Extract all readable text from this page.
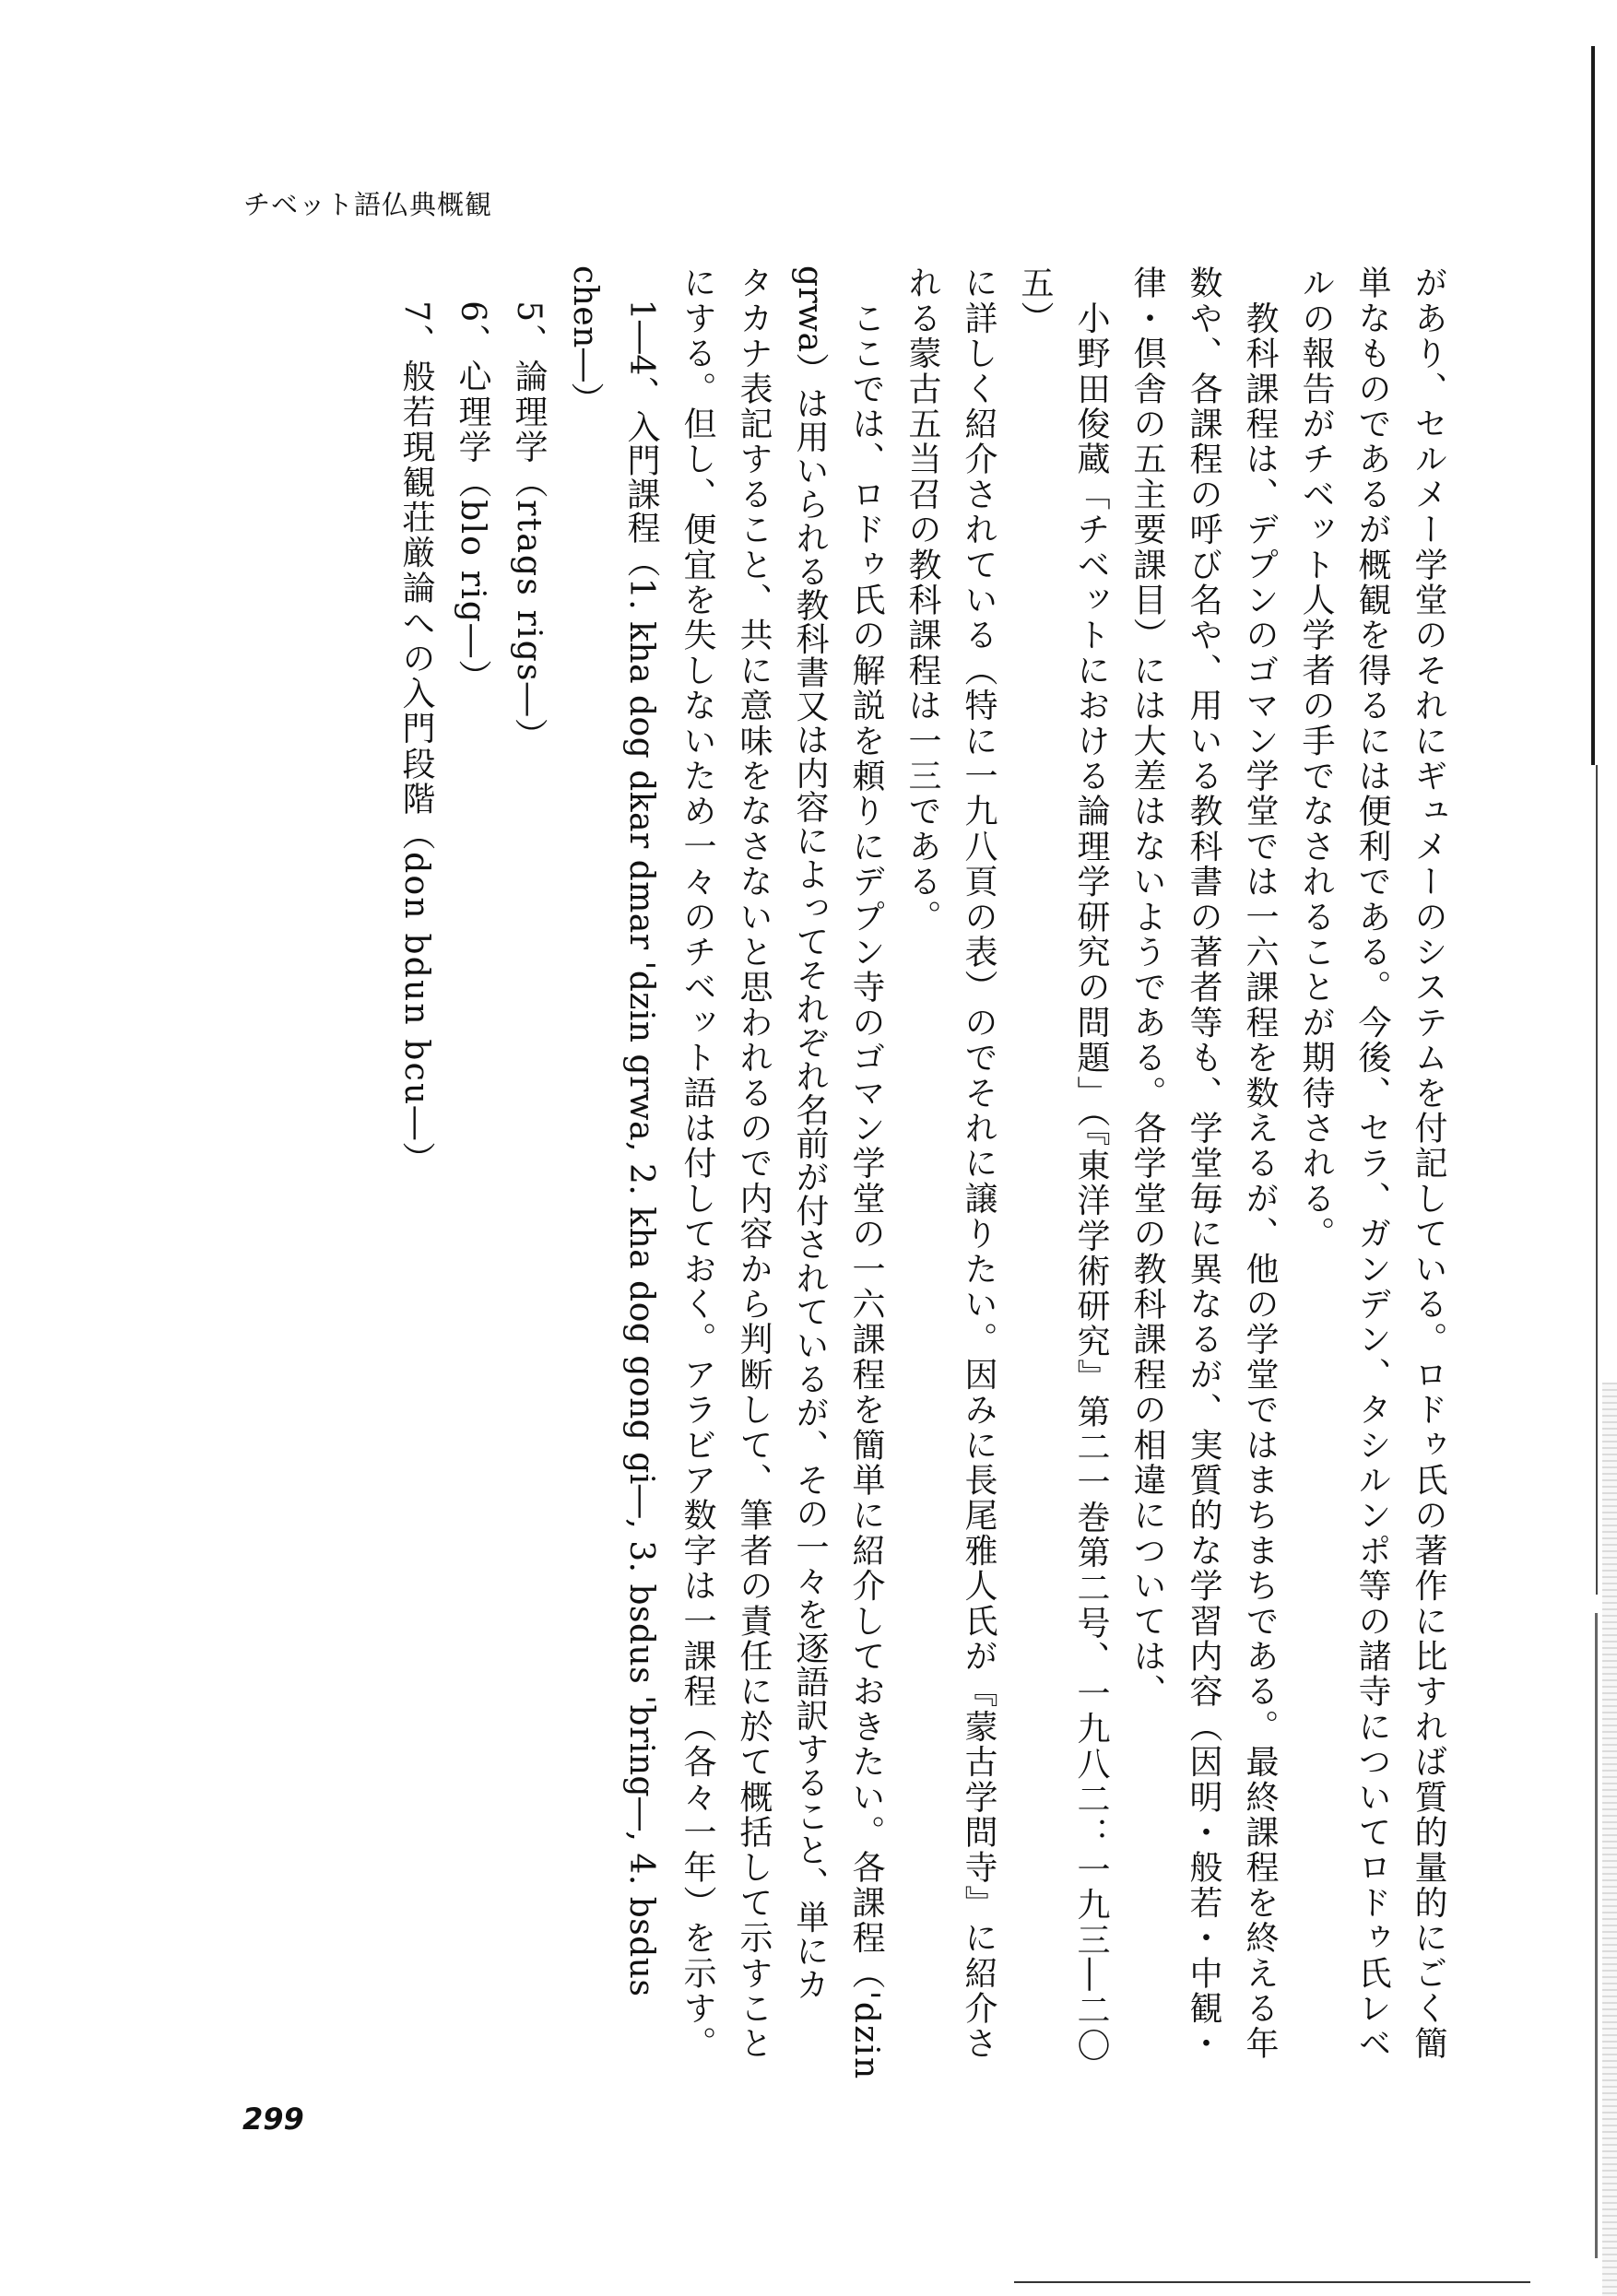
チベット語仏典概観

があり、セルメー学堂のそれにギュメーのシステムを付記している。ロドゥ氏の著作に比すれば質的量的にごく簡

単なものであるが概観を得るには便利である。今後、セラ、ガンデン、タシルンポ等の諸寺についてロドゥ氏レベ

ルの報告がチベット人学者の手でなされることが期待される。

　教科課程は、デプンのゴマン学堂では一六課程を数えるが、他の学堂ではまちまちである。最終課程を終える年

数や、各課程の呼び名や、用いる教科書の著者等も、学堂毎に異なるが、実質的な学習内容（因明・般若・中観・

律・倶舎の五主要課目）には大差はないようである。各学堂の教科課程の相違については、

　小野田俊蔵「チベットにおける論理学研究の問題」（『東洋学術研究』第二一巻第二号、一九八二：一九三―二〇

五）

に詳しく紹介されている（特に一九八頁の表）のでそれに譲りたい。因みに長尾雅人氏が『蒙古学問寺』に紹介さ

れる蒙古五当召の教科課程は一三である。

　ここでは、ロドゥ氏の解説を頼りにデプン寺のゴマン学堂の一六課程を簡単に紹介しておきたい。各課程（'dzin

grwa）は用いられる教科書又は内容によってそれぞれ名前が付されているが、その一々を逐語訳すること、単にカ

タカナ表記すること、共に意味をなさないと思われるので内容から判断して、筆者の責任に於て概括して示すこと

にする。但し、便宜を失しないため一々のチベット語は付しておく。アラビア数字は一課程（各々一年）を示す。

　1―4、入門課程（1. kha dog dkar dmar 'dzin grwa, 2. kha dog gong gi―, 3. bsdus 'bring―, 4. bsdus

chen―）

　5、論理学（rtags rigs―）

　6、心理学（blo rig―）

　7、般若現観荘厳論への入門段階（don bdun bcu―）

299
